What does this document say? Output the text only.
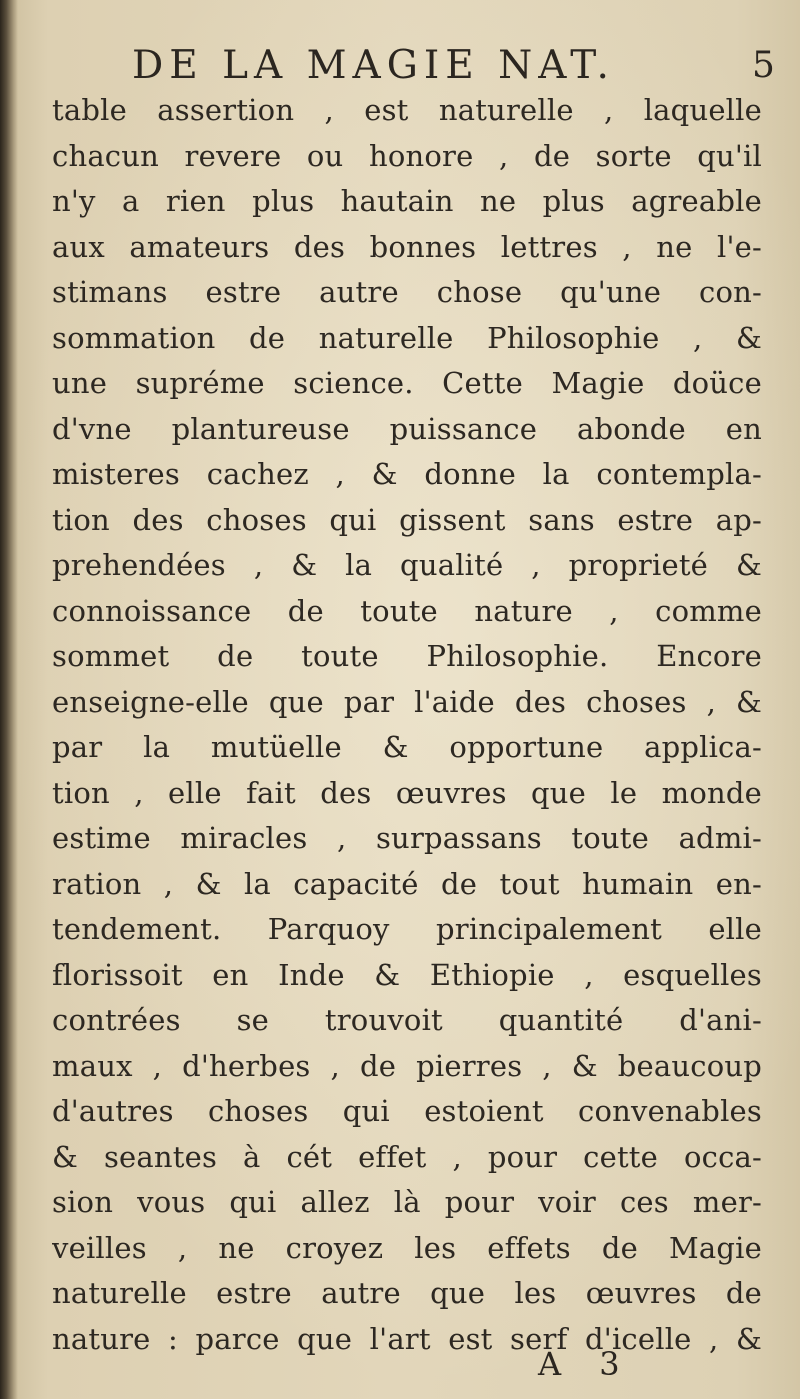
DE LA MAGIE NAT.	5
table assertion , est naturelle , laquelle
chacun revere ou honore , de sorte qu'il
n'y a rien plus hautain ne plus agreable
aux amateurs des bonnes lettres , ne l'e-
stimans estre autre chose qu'une con-
sommation de naturelle Philosophie , &
une supréme science. Cette Magie doüce
d'vne plantureuse puissance abonde en
misteres cachez , & donne la contempla-
tion des choses qui gissent sans estre ap-
prehendées , & la qualité , proprieté &
connoissance de toute nature , comme
sommet de toute Philosophie. Encore
enseigne-elle que par l'aide des choses , &
par la mutüelle & opportune applica-
tion , elle fait des œuvres que le monde
estime miracles , surpassans toute admi-
ration , & la capacité de tout humain en-
tendement. Parquoy principalement elle
florissoit en Inde & Ethiopie , esquelles
contrées se trouvoit quantité d'ani-
maux , d'herbes , de pierres , & beaucoup
d'autres choses qui estoient convenables
& seantes à cét effet , pour cette occa-
sion vous qui allez là pour voir ces mer-
veilles , ne croyez les effets de Magie
naturelle estre autre que les œuvres de
nature : parce que l'art est serf d'icelle , &
A 3
